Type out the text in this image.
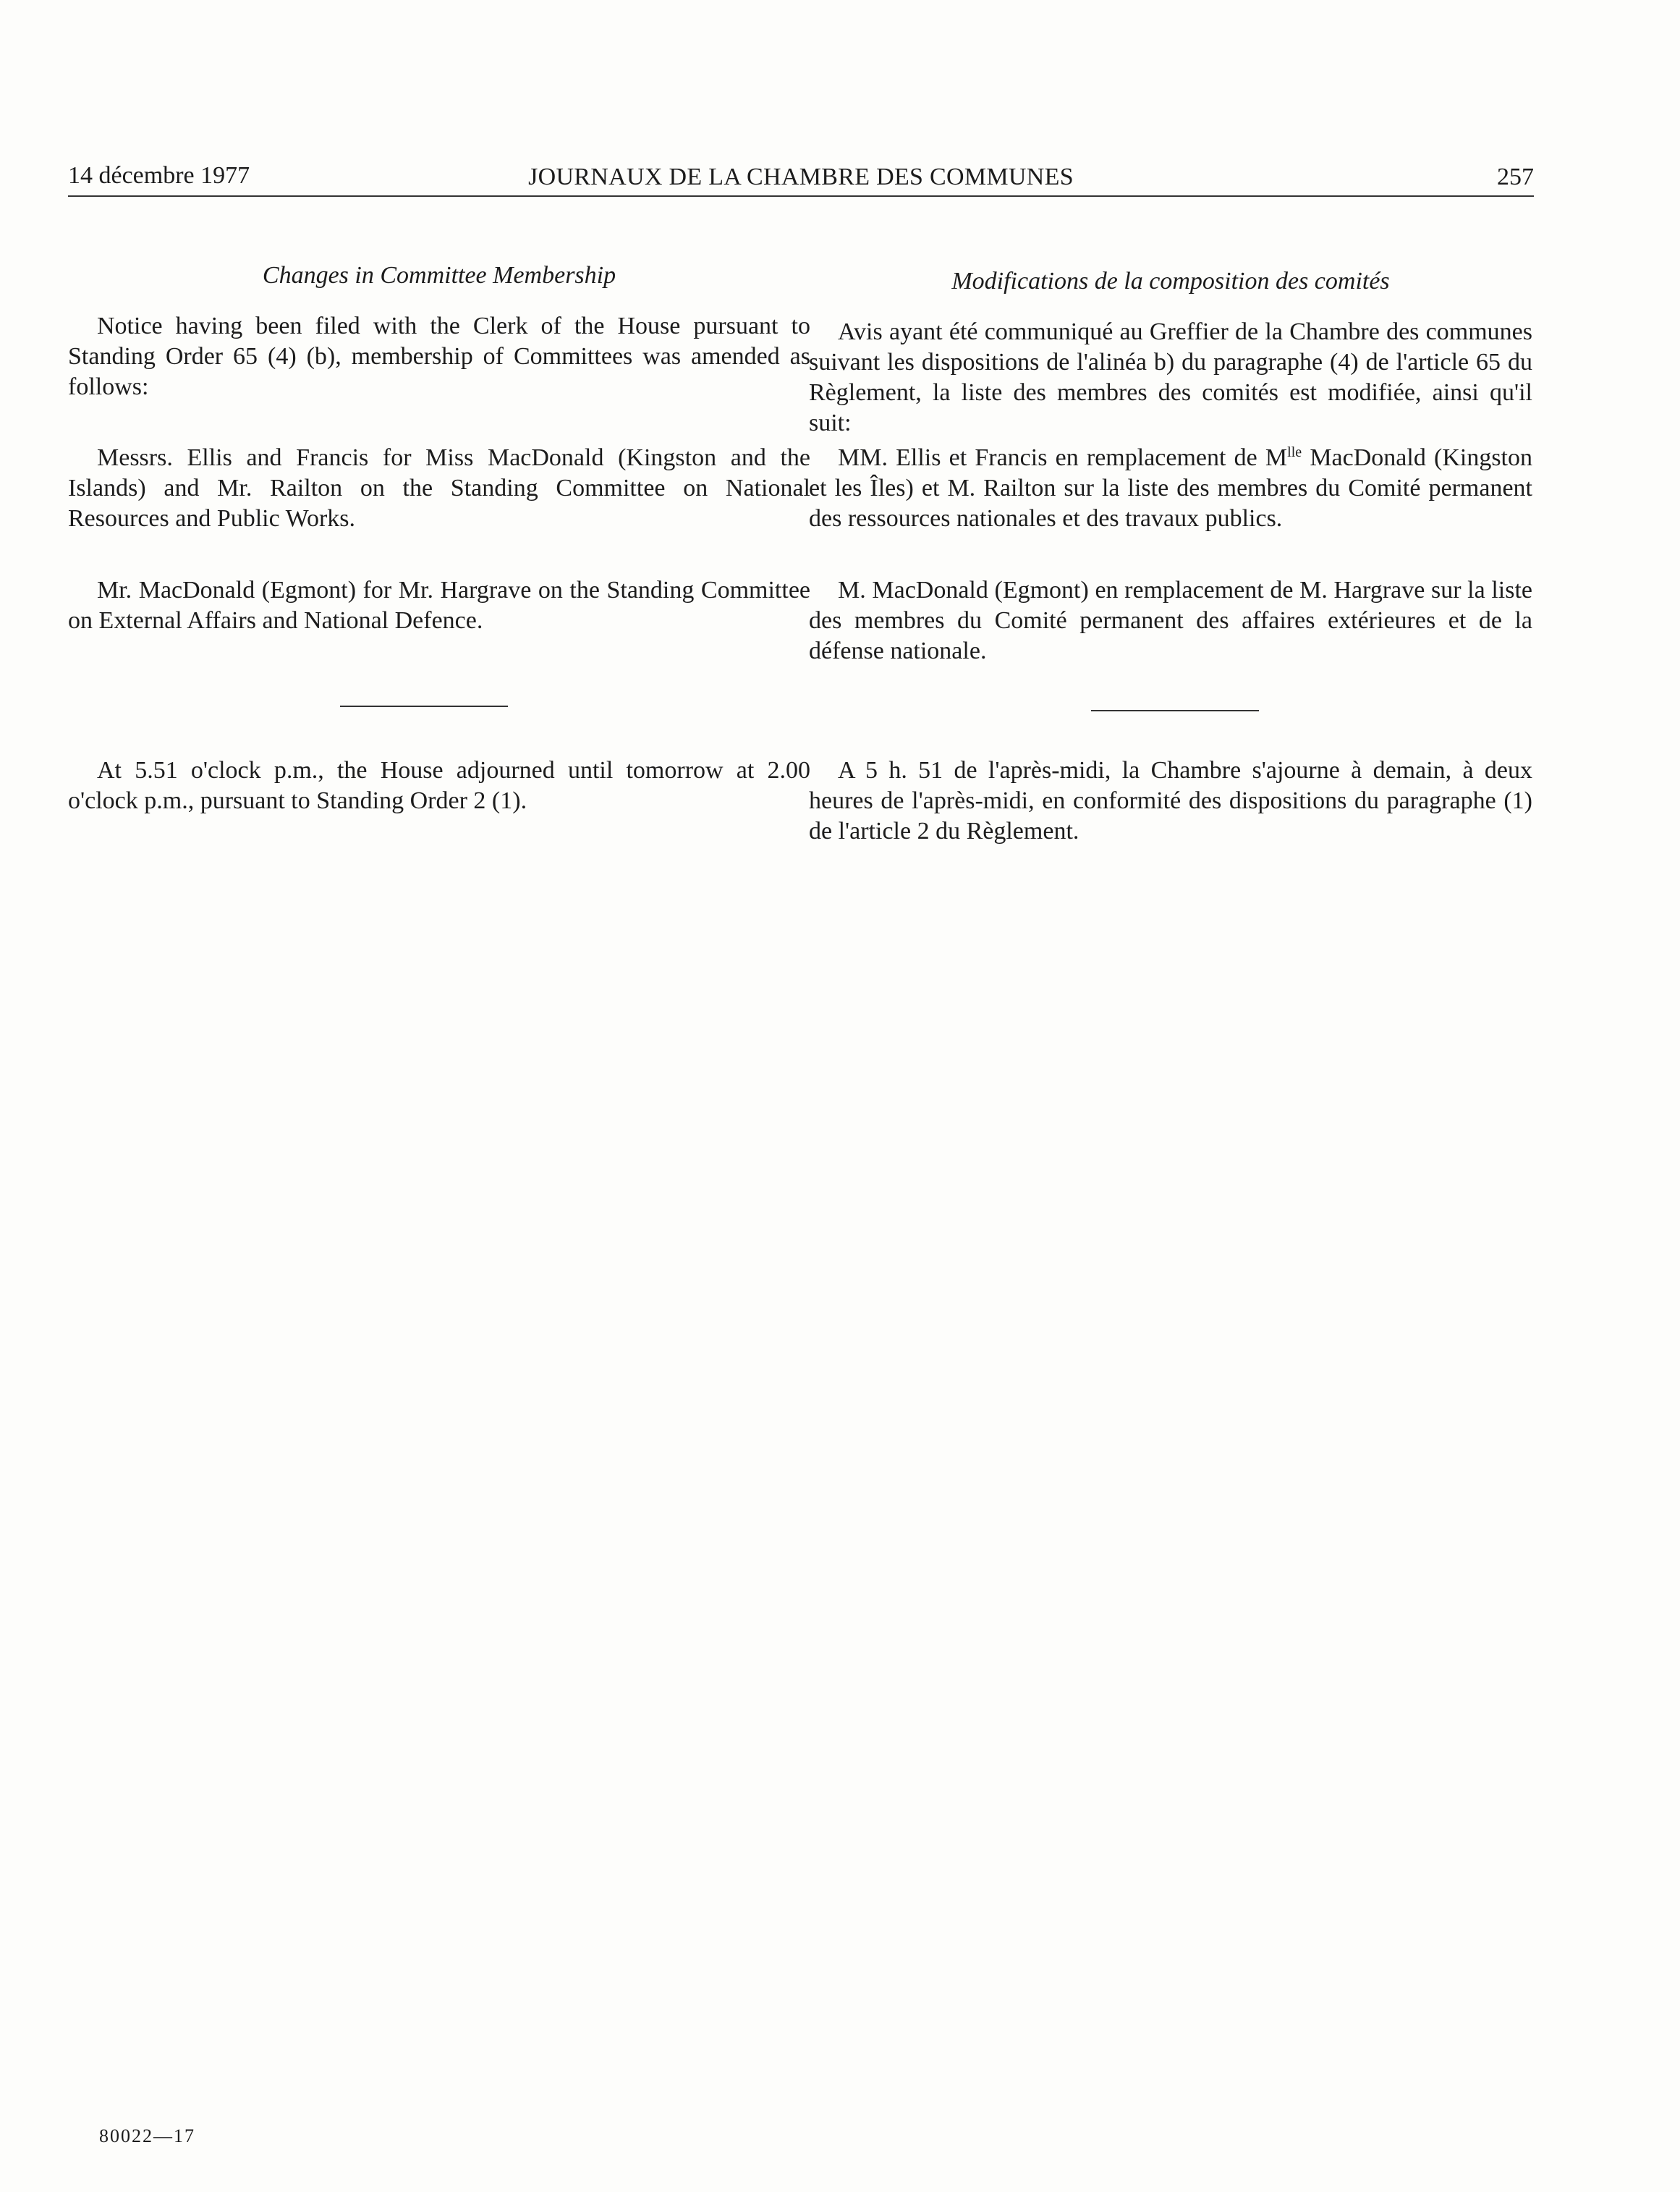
14 décembre 1977	JOURNAUX DE LA CHAMBRE DES COMMUNES	257
Changes in Committee Membership

Notice having been filed with the Clerk of the House pursuant to Standing Order 65 (4) (b), membership of Committees was amended as follows:

Messrs. Ellis and Francis for Miss MacDonald (Kingston and the Islands) and Mr. Railton on the Standing Committee on National Resources and Public Works.

Mr. MacDonald (Egmont) for Mr. Hargrave on the Standing Committee on External Affairs and National Defence.

At 5.51 o'clock p.m., the House adjourned until tomorrow at 2.00 o'clock p.m., pursuant to Standing Order 2 (1).

Modifications de la composition des comités

Avis ayant été communiqué au Greffier de la Chambre des communes suivant les dispositions de l'alinéa b) du paragraphe (4) de l'article 65 du Règlement, la liste des membres des comités est modifiée, ainsi qu'il suit:

MM. Ellis et Francis en remplacement de $M^{lle}$ MacDonald (Kingston et les Îles) et M. Railton sur la liste des membres du Comité permanent des ressources nationales et des travaux publics.

M. MacDonald (Egmont) en remplacement de M. Hargrave sur la liste des membres du Comité permanent des affaires extérieures et de la défense nationale.

A 5 h. 51 de l'après-midi, la Chambre s'ajourne à demain, à deux heures de l'après-midi, en conformité des dispositions du paragraphe (1) de l'article 2 du Règlement.

80022—17
